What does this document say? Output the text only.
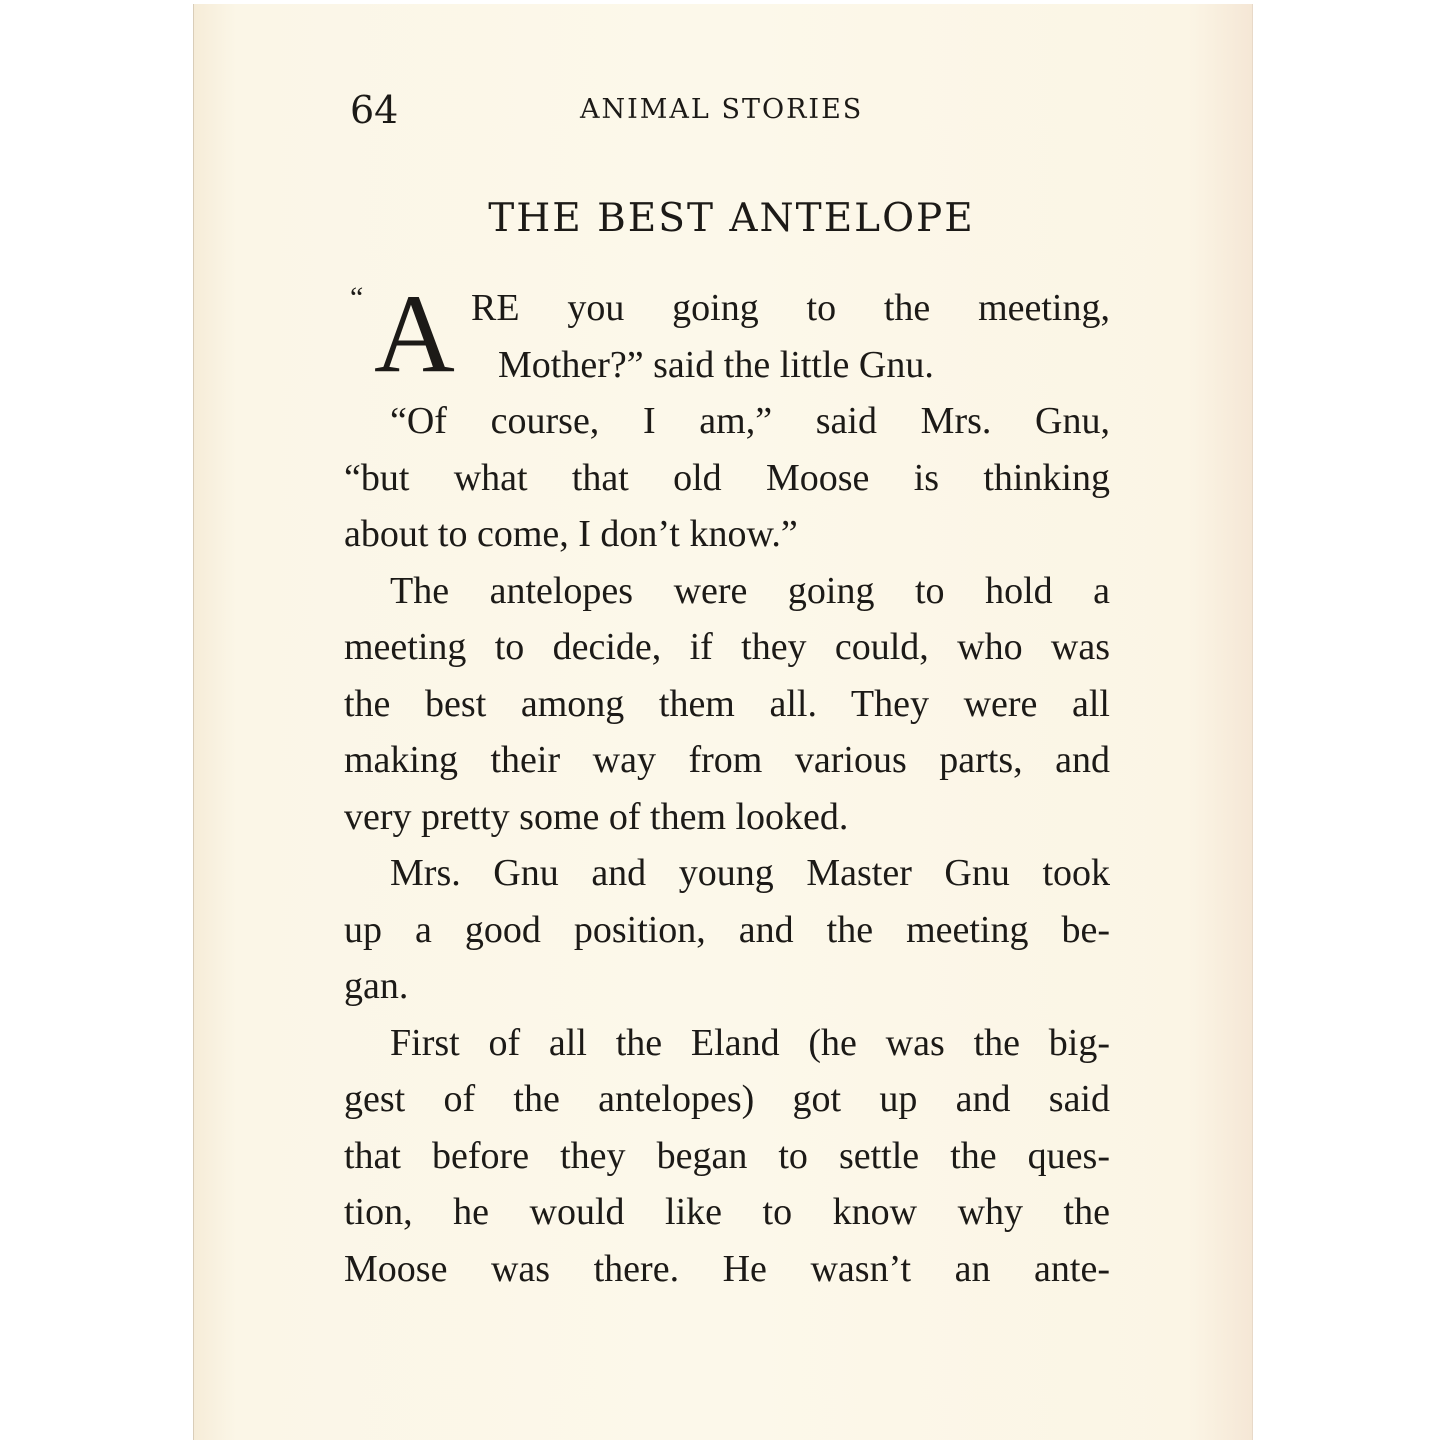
64	ANIMAL STORIES
THE BEST ANTELOPE
“ A RE you going to the meeting,
Mother?” said the little Gnu.
“Of course, I am,” said Mrs. Gnu,
“but what that old Moose is thinking
about to come, I don’t know.”
The antelopes were going to hold a
meeting to decide, if they could, who was
the best among them all. They were all
making their way from various parts, and
very pretty some of them looked.
Mrs. Gnu and young Master Gnu took
up a good position, and the meeting be-
gan.
First of all the Eland (he was the big-
gest of the antelopes) got up and said
that before they began to settle the ques-
tion, he would like to know why the
Moose was there. He wasn’t an ante-
